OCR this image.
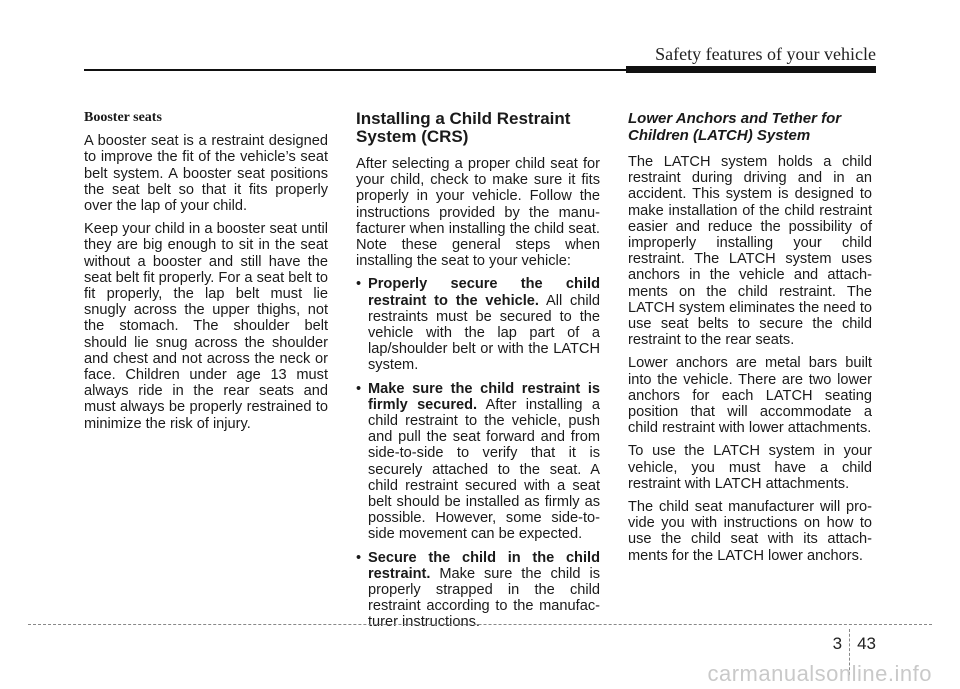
Safety features of your vehicle
Booster seats

A booster seat is a restraint designed to improve the fit of the vehicle’s seat belt system. A booster seat positions the seat belt so that it fits properly over the lap of your child.

Keep your child in a booster seat until they are big enough to sit in the seat without a booster and still have the seat belt fit properly. For a seat belt to fit properly, the lap belt must lie snugly across the upper thighs, not the stomach. The shoulder belt should lie snug across the shoulder and chest and not across the neck or face. Children under age 13 must always ride in the rear seats and must always be properly restrained to minimize the risk of injury.

Installing a Child Restraint System (CRS)

After selecting a proper child seat for your child, check to make sure it fits properly in your vehicle. Follow the instructions provided by the manu-facturer when installing the child seat. Note these general steps when installing the seat to your vehicle:

• Properly secure the child restraint to the vehicle. All child restraints must be secured to the vehicle with the lap part of a lap/shoulder belt or with the LATCH system.
• Make sure the child restraint is firmly secured. After installing a child restraint to the vehicle, push and pull the seat forward and from side-to-side to verify that it is securely attached to the seat. A child restraint secured with a seat belt should be installed as firmly as possible. However, some side-to-side movement can be expected.
• Secure the child in the child restraint. Make sure the child is properly strapped in the child restraint according to the manufac-turer instructions.
Lower Anchors and Tether for Children (LATCH) System

The LATCH system holds a child restraint during driving and in an accident. This system is designed to make installation of the child restraint easier and reduce the possibility of improperly installing your child restraint. The LATCH system uses anchors in the vehicle and attach-ments on the child restraint. The LATCH system eliminates the need to use seat belts to secure the child restraint to the rear seats.

Lower anchors are metal bars built into the vehicle. There are two lower anchors for each LATCH seating position that will accommodate a child restraint with lower attachments.

To use the LATCH system in your vehicle, you must have a child restraint with LATCH attachments.

The child seat manufacturer will pro-vide you with instructions on how to use the child seat with its attach-ments for the LATCH lower anchors.

3 43
carmanualsonline.info
